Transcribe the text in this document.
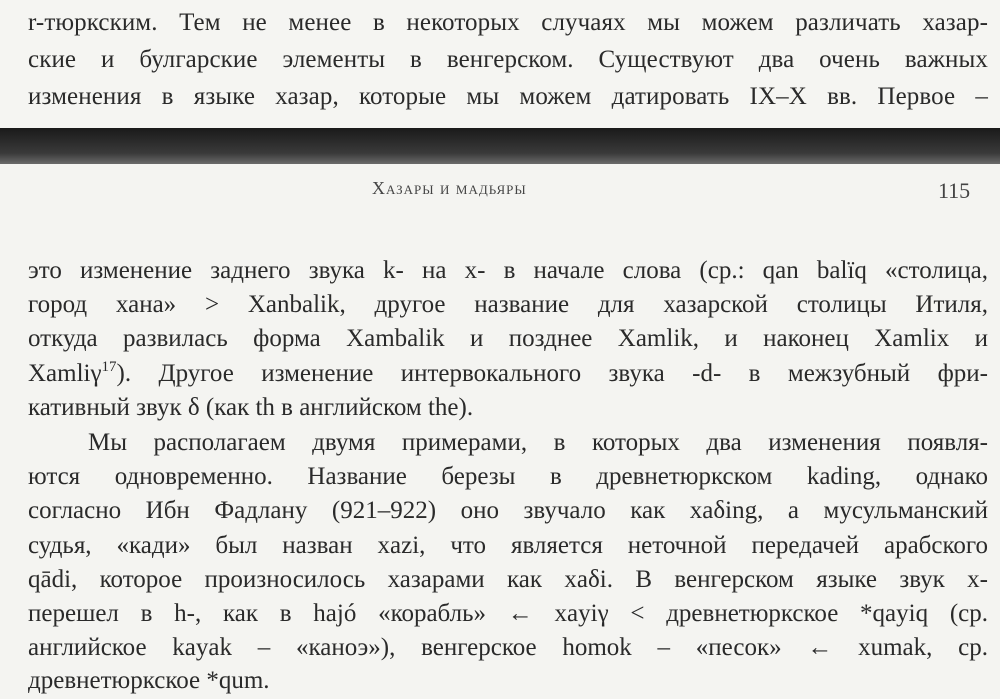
r-тюркским. Тем не менее в некоторых случаях мы можем различать хазар-
ские и булгарские элементы в венгерском. Существуют два очень важных
изменения в языке хазар, которые мы можем датировать IX–X вв. Первое –
Хазары и мадьяры	115
это изменение заднего звука k- на x- в начале слова (ср.: qan balïq «столица,
город хана» > Xanbalik, другое название для хазарской столицы Итиля,
откуда развилась форма Xambalik и позднее Xamlik, и наконец Xamlix и
Xamliγ$^{17}$). Другое изменение интервокального звука -d- в межзубный фри-
кативный звук δ (как th в английском the).
Мы располагаем двумя примерами, в которых два изменения появля-
ются одновременно. Название березы в древнетюркском kading, однако
согласно Ибн Фадлану (921–922) оно звучало как xaδing, а мусульманский
судья, «кади» был назван xazi, что является неточной передачей арабского
qādi, которое произносилось хазарами как xaδi. В венгерском языке звук x-
перешел в h-, как в hajó «корабль» ← xayiγ < древнетюркское *qayiq (ср.
английское kayak – «каноэ»), венгерское homok – «песок» ← xumak, ср.
древнетюркское *qum.
